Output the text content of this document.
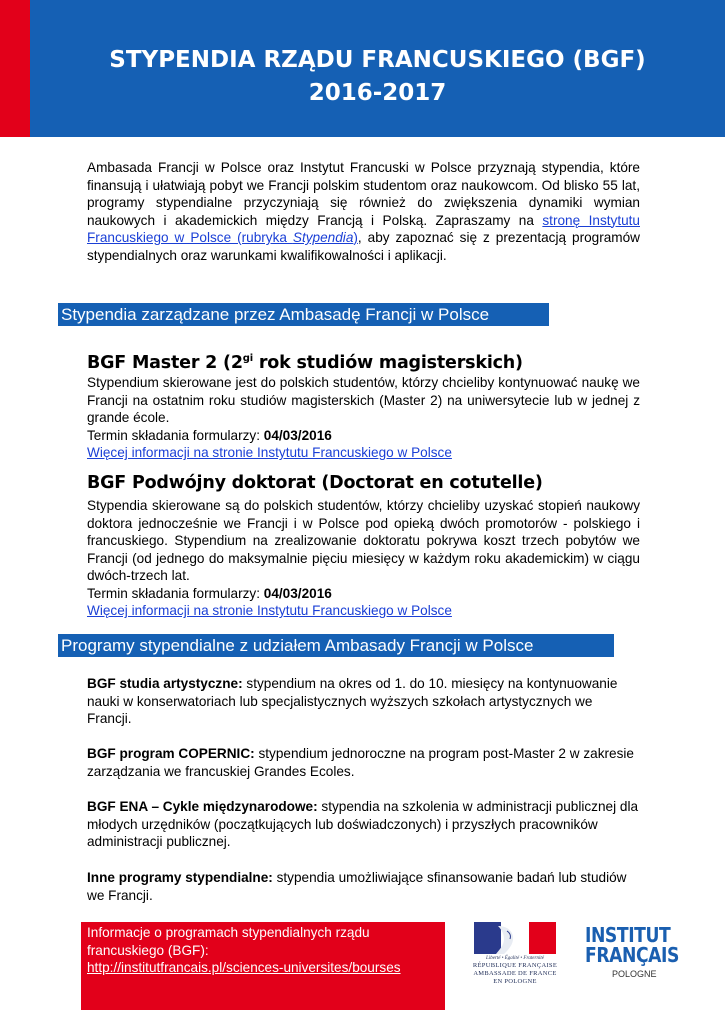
STYPENDIA RZĄDU FRANCUSKIEGO (BGF)
2016-2017

Ambasada Francji w Polsce oraz Instytut Francuski w Polsce przyznają stypendia, które finansują i ułatwiają pobyt we Francji polskim studentom oraz naukowcom. Od blisko 55 lat, programy stypendialne przyczyniają się również do zwiększenia dynamiki wymian naukowych i akademickich między Francją i Polską. Zapraszamy na stronę Instytutu Francuskiego w Polsce (rubryka Stypendia), aby zapoznać się z prezentacją programów stypendialnych oraz warunkami kwalifikowalności i aplikacji.

Stypendia zarządzane przez Ambasadę Francji w Polsce
BGF Master 2 ($2^{gi}$ rok studiów magisterskich)

Stypendium skierowane jest do polskich studentów, którzy chcieliby kontynuować naukę we Francji na ostatnim roku studiów magisterskich (Master 2) na uniwersytecie lub w jednej z grande école.

Termin składania formularzy: 04/03/2016

Więcej informacji na stronie Instytutu Francuskiego w Polsce

BGF Podwójny doktorat (Doctorat en cotutelle)

Stypendia skierowane są do polskich studentów, którzy chcieliby uzyskać stopień naukowy doktora jednocześnie we Francji i w Polsce pod opieką dwóch promotorów - polskiego i francuskiego. Stypendium na zrealizowanie doktoratu pokrywa koszt trzech pobytów we Francji (od jednego do maksymalnie pięciu miesięcy w każdym roku akademickim) w ciągu dwóch-trzech lat.

Termin składania formularzy: 04/03/2016

Więcej informacji na stronie Instytutu Francuskiego w Polsce

Programy stypendialne z udziałem Ambasady Francji w Polsce

BGF studia artystyczne: stypendium na okres od 1. do 10. miesięcy na kontynuowanie nauki w konserwatoriach lub specjalistycznych wyższych szkołach artystycznych we Francji.

BGF program COPERNIC: stypendium jednoroczne na program post-Master 2 w zakresie zarządzania we francuskiej Grandes Ecoles.

BGF ENA – Cykle międzynarodowe: stypendia na szkolenia w administracji publicznej dla młodych urzędników (początkujących lub doświadczonych) i przyszłych pracowników administracji publicznej.

Inne programy stypendialne: stypendia umożliwiające sfinansowanie badań lub studiów we Francji.

Informacje o programach stypendialnych rządu francuskiego (BGF):

http://institutfrancais.pl/sciences-universites/bourses
Liberté • Égalité • Fraternité
RÉPUBLIQUE FRANÇAISE
AMBASSADE DE FRANCE
EN POLOGNE
INSTITUT
FRANÇAIS
POLOGNE
